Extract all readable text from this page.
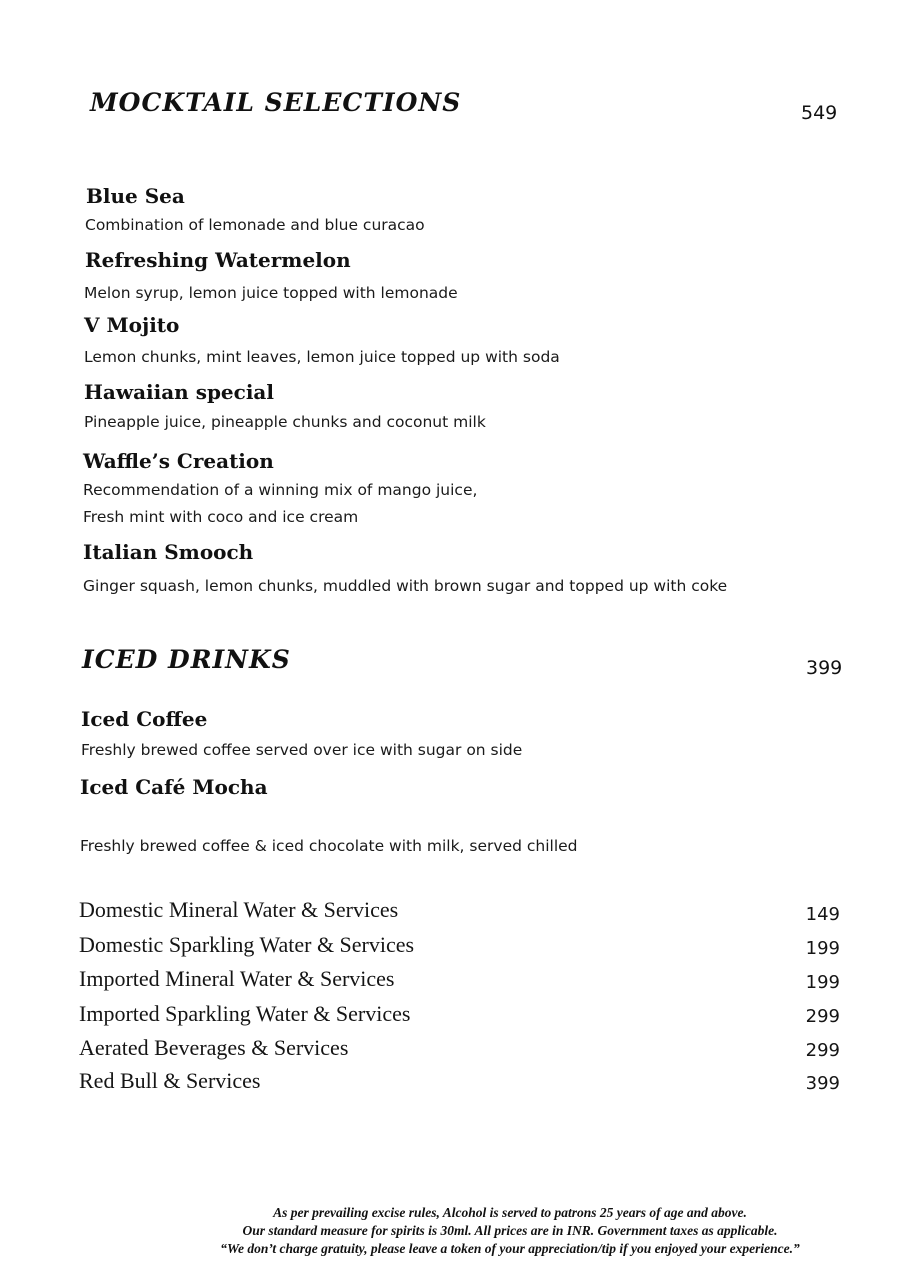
MOCKTAIL SELECTIONS	549
Blue Sea
Combination of lemonade and blue curacao
Refreshing Watermelon
Melon syrup, lemon juice topped with lemonade
V Mojito
Lemon chunks, mint leaves, lemon juice topped up with soda
Hawaiian special
Pineapple juice, pineapple chunks and coconut milk
Waffle’s Creation
Recommendation of a winning mix of mango juice,
Fresh mint with coco and ice cream
Italian Smooch
Ginger squash, lemon chunks, muddled with brown sugar and topped up with coke
ICED DRINKS	399
Iced Coffee
Freshly brewed coffee served over ice with sugar on side
Iced Café Mocha
Freshly brewed coffee & iced chocolate with milk, served chilled
Domestic Mineral Water & Services	149
Domestic Sparkling Water & Services	199
Imported Mineral Water & Services	199
Imported Sparkling Water & Services	299
Aerated Beverages & Services	299
Red Bull & Services	399
As per prevailing excise rules, Alcohol is served to patrons 25 years of age and above.
Our standard measure for spirits is 30ml. All prices are in INR. Government taxes as applicable.
“We don’t charge gratuity, please leave a token of your appreciation/tip if you enjoyed your experience.”
